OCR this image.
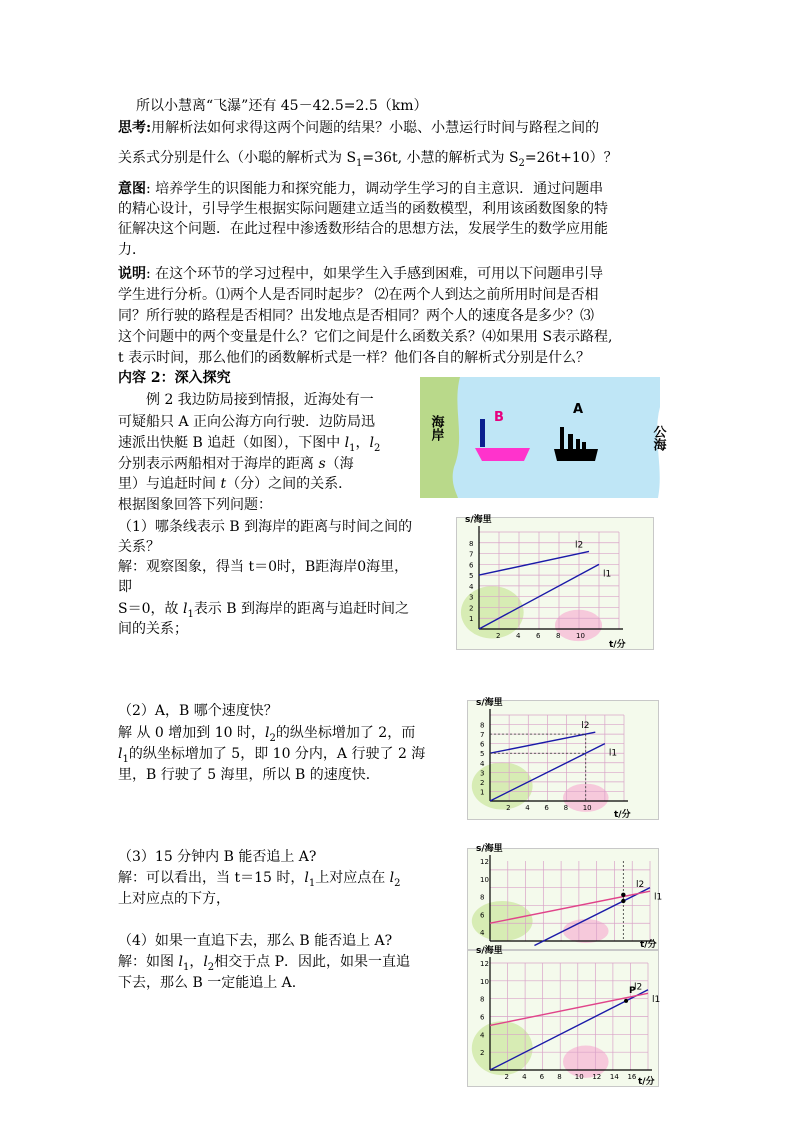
所以小慧离“飞瀑”还有 45－42.5=2.5（km）
思考:用解析法如何求得这两个问题的结果？小聪、小慧运行时间与路程之间的
关系式分别是什么（小聪的解析式为 $S_1=36t$, 小慧的解析式为 $S_2=26t+10$）？
意图: 培养学生的识图能力和探究能力，调动学生学习的自主意识．通过问题串
的精心设计，引导学生根据实际问题建立适当的函数模型，利用该函数图象的特
征解决这个问题．在此过程中渗透数形结合的思想方法，发展学生的数学应用能
力．
说明: 在这个环节的学习过程中，如果学生入手感到困难，可用以下问题串引导
学生进行分析。⑴两个人是否同时起步？ ⑵在两个人到达之前所用时间是否相
同？所行驶的路程是否相同？出发地点是否相同？两个人的速度各是多少？⑶
这个问题中的两个变量是什么？它们之间是什么函数关系？⑷如果用 S表示路程,
t 表示时间，那么他们的函数解析式是一样？他们各自的解析式分别是什么？
内容 2：深入探究
例 2 我边防局接到情报，近海处有一
可疑船只 A 正向公海方向行驶．边防局迅
速派出快艇 B 追赶（如图），下图中 $l_1$，$l_2$
分别表示两船相对于海岸的距离 s（海
里）与追赶时间 t（分）之间的关系．
根据图象回答下列问题：
（1）哪条线表示 B 到海岸的距离与时间之间的
关系？
解：观察图象，得当 t＝0时，B距海岸0海里，
即
S＝0，故 $l_1$表示 B 到海岸的距离与追赶时间之
间的关系；
（2）A，B 哪个速度快？
解 从 0 增加到 10 时，$l_2$的纵坐标增加了 2，而
$l_1$的纵坐标增加了 5，即 10 分内，A 行驶了 2 海
里，B 行驶了 5 海里，所以 B 的速度快．
（3）15 分钟内 B 能否追上 A?
解：可以看出，当 t＝15 时，$l_1$上对应点在 $l_2$
上对应点的下方，
（4）如果一直追下去，那么 B 能否追上 A?
解：如图 $l_1$，$l_2$相交于点 P．因此，如果一直追
下去，那么 B 一定能追上 A.
海岸	公海
B
A
s/海里
t/分
1
2
3
4
5
6
7
8
2 4 6 8 10
l1
l2
s/海里
t/分
1
2
3
4
5
6
7
8
2 4 6 8 10
l1
l2
s/海里
t/分
4
6
8
10
12
l1
l2
s/海里
t/分
2
4
6
8
10
12
2 4 6 8 10 12 14 16
l1
l2
P
